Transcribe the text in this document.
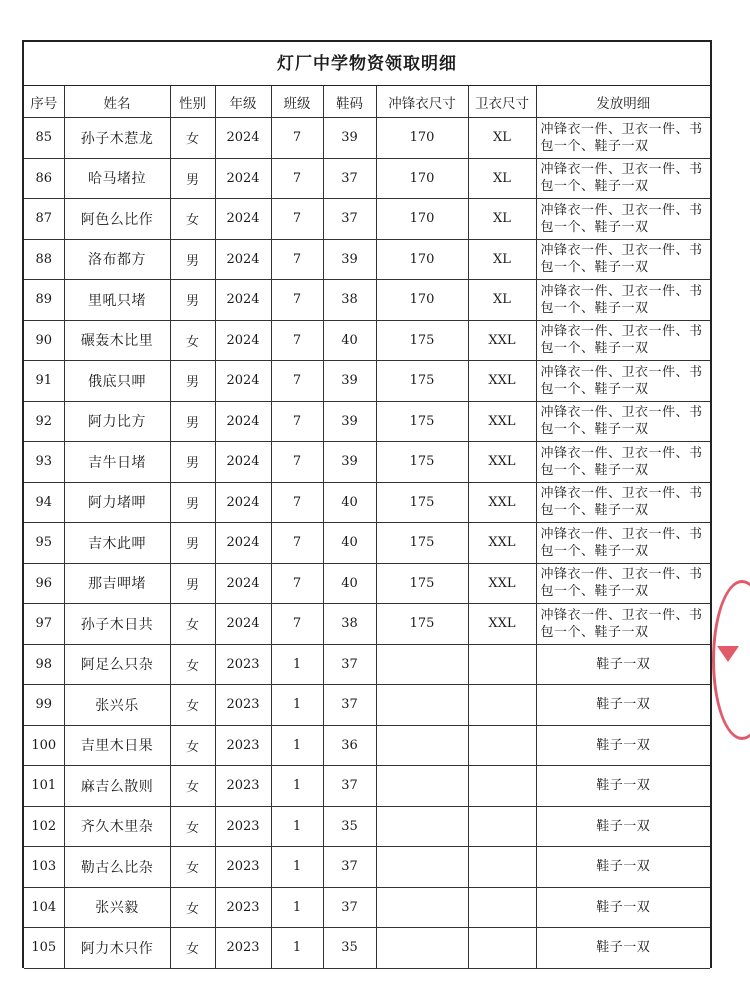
灯厂中学物资领取明细
序号	姓名	性别	年级	班级	鞋码	冲锋衣尺寸	卫衣尺寸	发放明细
85	孙子木惹龙	女	2024	7	39	170	XL	冲锋衣一件、卫衣一件、书包一个、鞋子一双
86	哈马堵拉	男	2024	7	37	170	XL	冲锋衣一件、卫衣一件、书包一个、鞋子一双
87	阿色么比作	女	2024	7	37	170	XL	冲锋衣一件、卫衣一件、书包一个、鞋子一双
88	洛布都方	男	2024	7	39	170	XL	冲锋衣一件、卫衣一件、书包一个、鞋子一双
89	里吼只堵	男	2024	7	38	170	XL	冲锋衣一件、卫衣一件、书包一个、鞋子一双
90	碾轰木比里	女	2024	7	40	175	XXL	冲锋衣一件、卫衣一件、书包一个、鞋子一双
91	俄底只呷	男	2024	7	39	175	XXL	冲锋衣一件、卫衣一件、书包一个、鞋子一双
92	阿力比方	男	2024	7	39	175	XXL	冲锋衣一件、卫衣一件、书包一个、鞋子一双
93	吉牛日堵	男	2024	7	39	175	XXL	冲锋衣一件、卫衣一件、书包一个、鞋子一双
94	阿力堵呷	男	2024	7	40	175	XXL	冲锋衣一件、卫衣一件、书包一个、鞋子一双
95	吉木此呷	男	2024	7	40	175	XXL	冲锋衣一件、卫衣一件、书包一个、鞋子一双
96	那吉呷堵	男	2024	7	40	175	XXL	冲锋衣一件、卫衣一件、书包一个、鞋子一双
97	孙子木日共	女	2024	7	38	175	XXL	冲锋衣一件、卫衣一件、书包一个、鞋子一双
98	阿足么只杂	女	2023	1	37			鞋子一双
99	张兴乐	女	2023	1	37			鞋子一双
100	吉里木日果	女	2023	1	36			鞋子一双
101	麻吉么散则	女	2023	1	37			鞋子一双
102	齐久木里杂	女	2023	1	35			鞋子一双
103	勒古么比杂	女	2023	1	37			鞋子一双
104	张兴毅	女	2023	1	37			鞋子一双
105	阿力木只作	女	2023	1	35			鞋子一双
